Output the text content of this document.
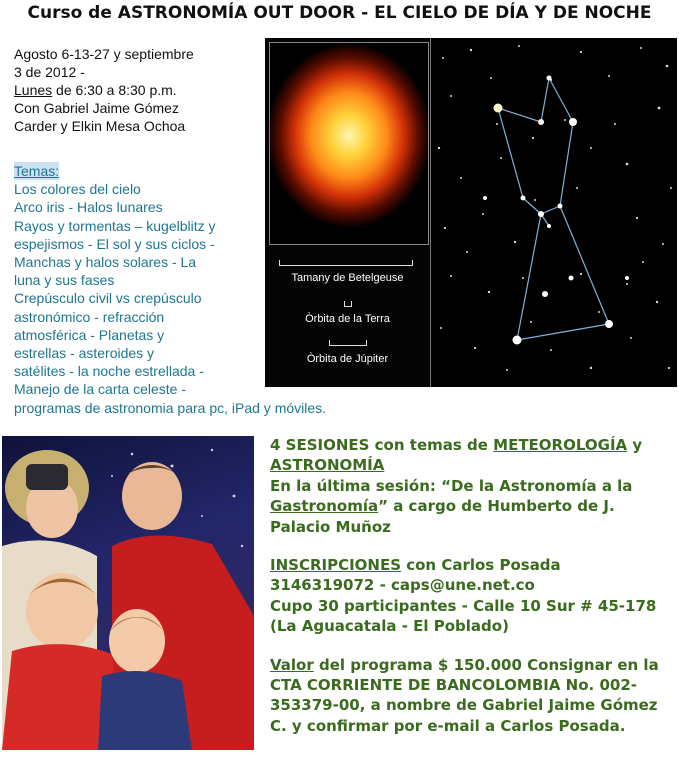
Curso de ASTRONOMÍA OUT DOOR - EL CIELO DE DÍA Y DE NOCHE
Agosto 6-13-27 y septiembre
3 de 2012 -
Lunes de 6:30 a 8:30 p.m.
Con Gabriel Jaime Gómez
Carder y Elkin Mesa Ochoa
Temas:
Los colores del cielo
Arco iris - Halos lunares
Rayos y tormentas – kugelblitz y
espejismos - El sol y sus ciclos -
Manchas y halos solares - La
luna y sus fases
Crepúsculo civil vs crepúsculo
astronómico - refracción
atmosférica - Planetas y
estrellas - asteroides y
satélites - la noche estrellada -
Manejo de la carta celeste -
programas de astronomia para pc, iPad y móviles.
Tamany de Betelgeuse
Òrbita de la Terra
Òrbita de Júpiter
4 SESIONES con temas de METEOROLOGÍA y ASTRONOMÍA
En la última sesión: “De la Astronomía a la Gastronomía” a cargo de Humberto de J. Palacio Muñoz
INSCRIPCIONES con Carlos Posada
3146319072 - caps@une.net.co
Cupo 30 participantes - Calle 10 Sur # 45-178 (La Aguacatala - El Poblado)
Valor del programa $ 150.000 Consignar en la CTA CORRIENTE DE BANCOLOMBIA No. 002-353379-00, a nombre de Gabriel Jaime Gómez C. y confirmar por e-mail a Carlos Posada.
